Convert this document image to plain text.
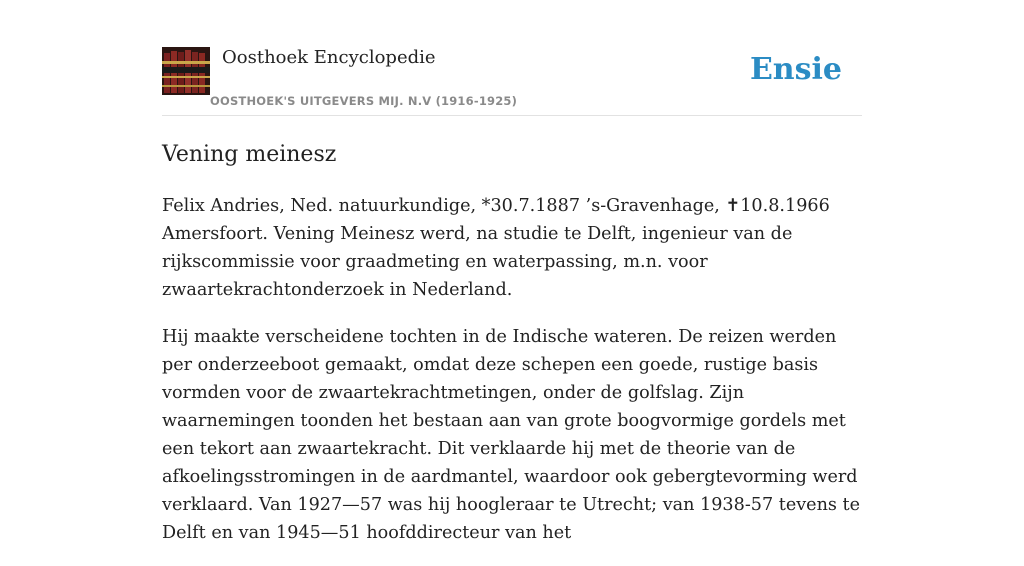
Oosthoek Encyclopedie
OOSTHOEK'S UITGEVERS MIJ. N.V (1916-1925)
Ensie
Vening meinesz

Felix Andries, Ned. natuurkundige, *30.7.1887 ’s-Gravenhage, ✝10.8.1966 Amersfoort. Vening Meinesz werd, na studie te Delft, ingenieur van de rijkscommissie voor graadmeting en waterpassing, m.n. voor zwaartekrachtonderzoek in Nederland.

Hij maakte verscheidene tochten in de Indische wateren. De reizen werden per onderzeeboot gemaakt, omdat deze schepen een goede, rustige basis vormden voor de zwaartekrachtmetingen, onder de golfslag. Zijn waarnemingen toonden het bestaan aan van grote boogvormige gordels met een tekort aan zwaartekracht. Dit verklaarde hij met de theorie van de afkoelingsstromingen in de aardmantel, waardoor ook gebergtevorming werd verklaard. Van 1927—57 was hij hoogleraar te Utrecht; van 1938-57 tevens te Delft en van 1945—51 hoofddirecteur van het
